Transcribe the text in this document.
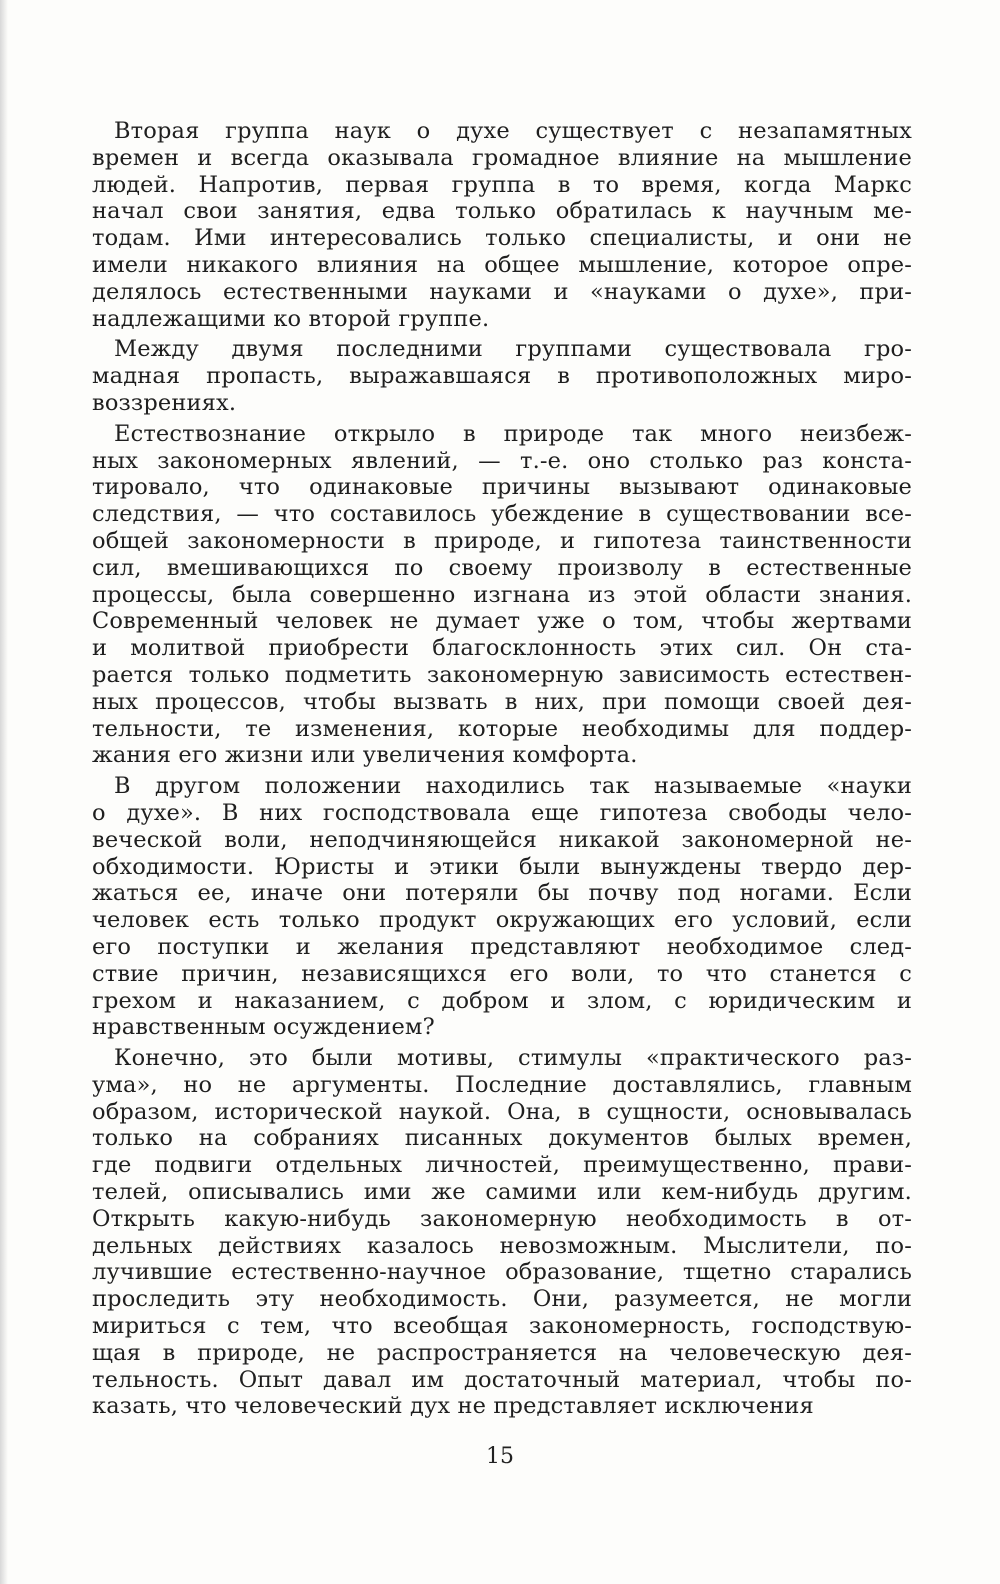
Вторая группа наук о духе существует с незапамятных
времен и всегда оказывала громадное влияние на мышление
людей. Напротив, первая группа в то время, когда Маркс
начал свои занятия, едва только обратилась к научным ме-
тодам. Ими интересовались только специалисты, и они не
имели никакого влияния на общее мышление, которое опре-
делялось естественными науками и «науками о духе», при-
надлежащими ко второй группе.
Между двумя последними группами существовала гро-
мадная пропасть, выражавшаяся в противоположных миро-
воззрениях.
Естествознание открыло в природе так много неизбеж-
ных закономерных явлений, — т.-е. оно столько раз конста-
тировало, что одинаковые причины вызывают одинаковые
следствия, — что составилось убеждение в существовании все-
общей закономерности в природе, и гипотеза таинственности
сил, вмешивающихся по своему произволу в естественные
процессы, была совершенно изгнана из этой области знания.
Современный человек не думает уже о том, чтобы жертвами
и молитвой приобрести благосклонность этих сил. Он ста-
рается только подметить закономерную зависимость естествен-
ных процессов, чтобы вызвать в них, при помощи своей дея-
тельности, те изменения, которые необходимы для поддер-
жания его жизни или увеличения комфорта.
В другом положении находились так называемые «науки
о духе». В них господствовала еще гипотеза свободы чело-
веческой воли, неподчиняющейся никакой закономерной не-
обходимости. Юристы и этики были вынуждены твердо дер-
жаться ее, иначе они потеряли бы почву под ногами. Если
человек есть только продукт окружающих его условий, если
его поступки и желания представляют необходимое след-
ствие причин, независящихся его воли, то что станется с
грехом и наказанием, с добром и злом, с юридическим и
нравственным осуждением?
Конечно, это были мотивы, стимулы «практического раз-
ума», но не аргументы. Последние доставлялись, главным
образом, исторической наукой. Она, в сущности, основывалась
только на собраниях писанных документов былых времен,
где подвиги отдельных личностей, преимущественно, прави-
телей, описывались ими же самими или кем-нибудь другим.
Открыть какую-нибудь закономерную необходимость в от-
дельных действиях казалось невозможным. Мыслители, по-
лучившие естественно-научное образование, тщетно старались
проследить эту необходимость. Они, разумеется, не могли
мириться с тем, что всеобщая закономерность, господствую-
щая в природе, не распространяется на человеческую дея-
тельность. Опыт давал им достаточный материал, чтобы по-
казать, что человеческий дух не представляет исключения
15
